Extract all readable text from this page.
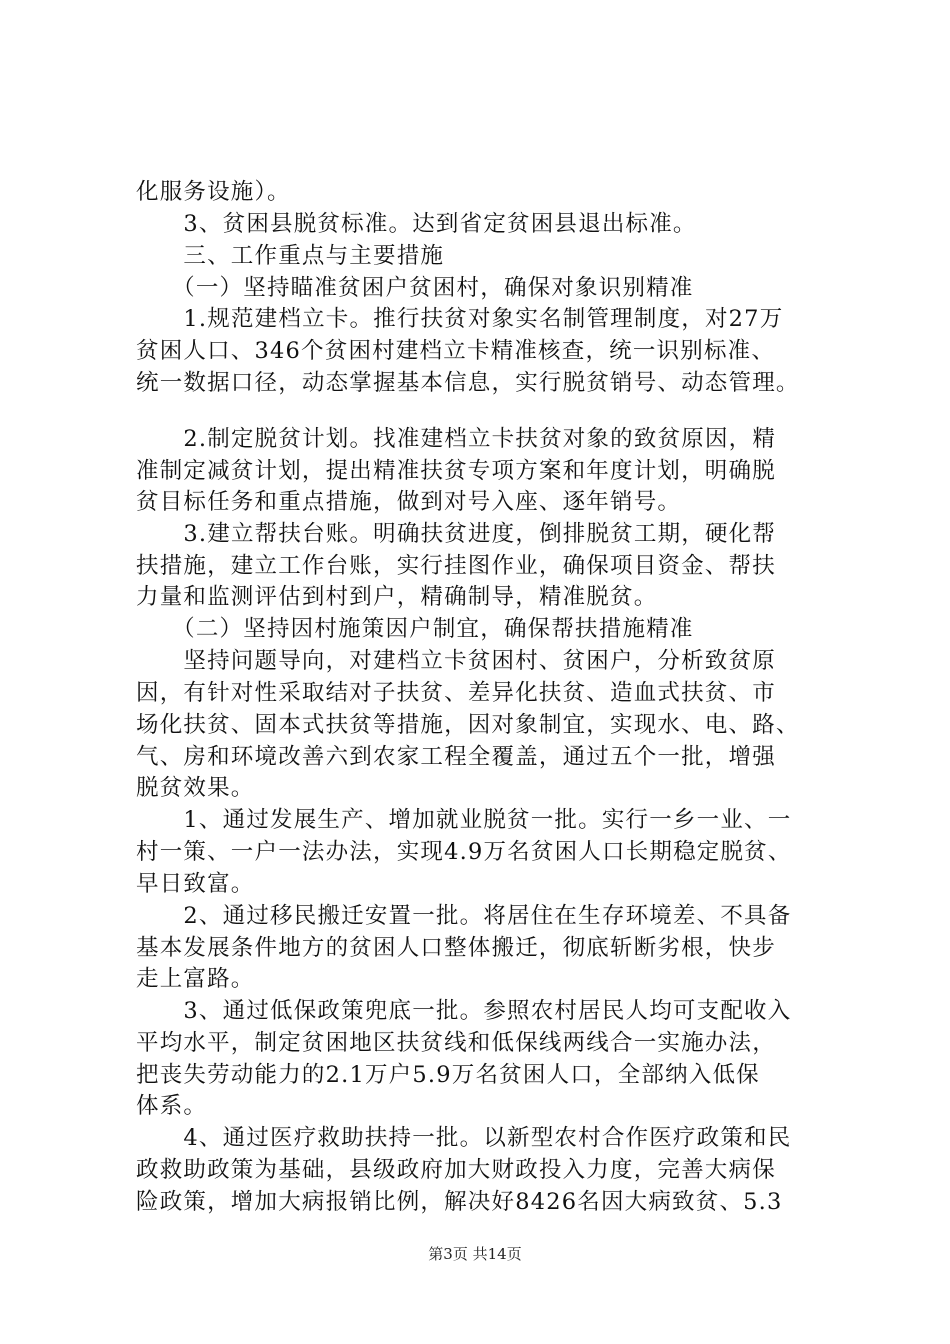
化服务设施）。
　　3、贫困县脱贫标准。达到省定贫困县退出标准。
　　三、工作重点与主要措施
　　（一）坚持瞄准贫困户贫困村，确保对象识别精准
　　1.规范建档立卡。推行扶贫对象实名制管理制度，对27万
贫困人口、346个贫困村建档立卡精准核查，统一识别标准、
统一数据口径，动态掌握基本信息，实行脱贫销号、动态管理。
　　2.制定脱贫计划。找准建档立卡扶贫对象的致贫原因，精
准制定减贫计划，提出精准扶贫专项方案和年度计划，明确脱
贫目标任务和重点措施，做到对号入座、逐年销号。
　　3.建立帮扶台账。明确扶贫进度，倒排脱贫工期，硬化帮
扶措施，建立工作台账，实行挂图作业，确保项目资金、帮扶
力量和监测评估到村到户，精确制导，精准脱贫。
　　（二）坚持因村施策因户制宜，确保帮扶措施精准
　　坚持问题导向，对建档立卡贫困村、贫困户，分析致贫原
因，有针对性采取结对子扶贫、差异化扶贫、造血式扶贫、市
场化扶贫、固本式扶贫等措施，因对象制宜，实现水、电、路、
气、房和环境改善六到农家工程全覆盖，通过五个一批，增强
脱贫效果。
　　1、通过发展生产、增加就业脱贫一批。实行一乡一业、一
村一策、一户一法办法，实现4.9万名贫困人口长期稳定脱贫、
早日致富。
　　2、通过移民搬迁安置一批。将居住在生存环境差、不具备
基本发展条件地方的贫困人口整体搬迁，彻底斩断劣根，快步
走上富路。
　　3、通过低保政策兜底一批。参照农村居民人均可支配收入
平均水平，制定贫困地区扶贫线和低保线两线合一实施办法，
把丧失劳动能力的2.1万户5.9万名贫困人口，全部纳入低保
体系。
　　4、通过医疗救助扶持一批。以新型农村合作医疗政策和民
政救助政策为基础，县级政府加大财政投入力度，完善大病保
险政策，增加大病报销比例，解决好8426名因大病致贫、5.3
第3页 共14页
